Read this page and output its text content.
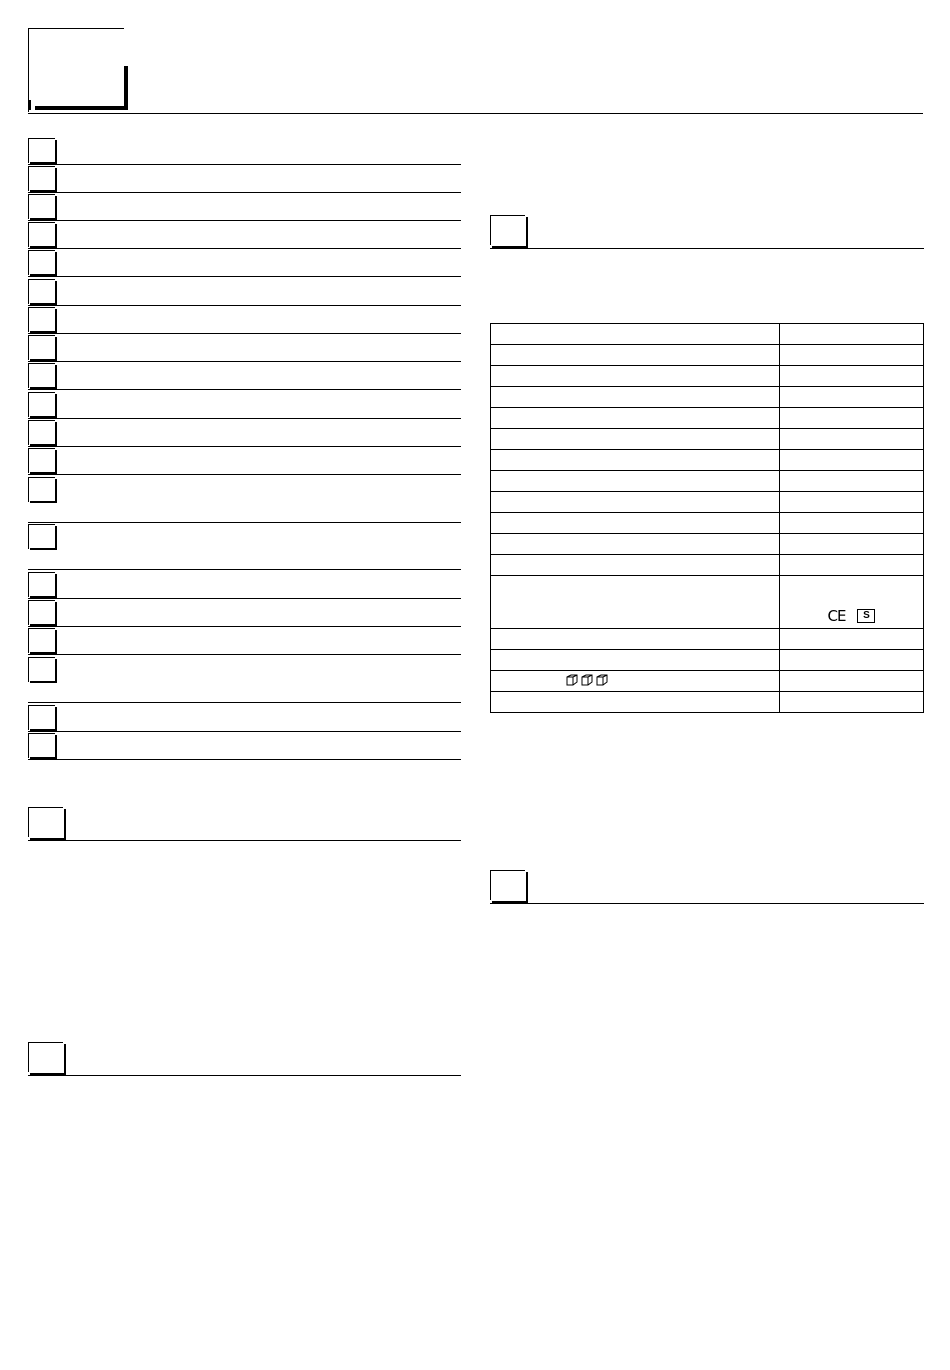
	CE S
